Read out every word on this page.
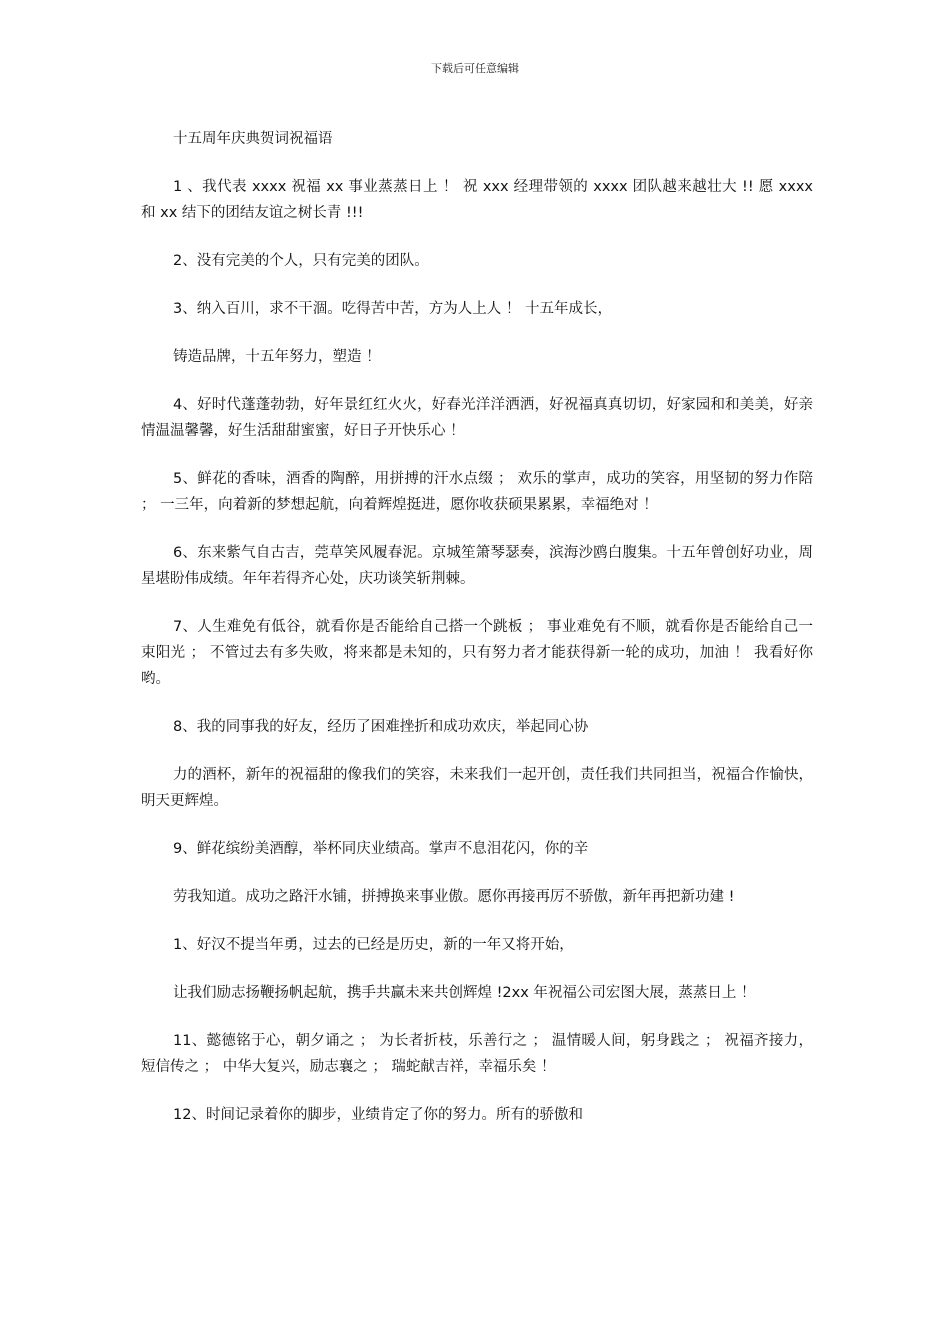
下载后可任意编辑
十五周年庆典贺词祝福语

1 、我代表 xxxx 祝福 xx 事业蒸蒸日上 ！ 祝 xxx 经理带领的 xxxx 团队越来越壮大 !! 愿 xxxx 和 xx 结下的团结友谊之树长青 !!!

2、没有完美的个人，只有完美的团队。

3、纳入百川，求不干涸。吃得苦中苦，方为人上人 ！ 十五年成长，

铸造品牌，十五年努力，塑造 ！

4、好时代蓬蓬勃勃，好年景红红火火，好春光洋洋洒洒，好祝福真真切切，好家园和和美美，好亲情温温馨馨，好生活甜甜蜜蜜，好日子开快乐心 ！

5、鲜花的香味，酒香的陶醉，用拼搏的汗水点缀 ； 欢乐的掌声，成功的笑容，用坚韧的努力作陪 ； 一三年，向着新的梦想起航，向着辉煌挺进，愿你收获硕果累累，幸福绝对 ！

6、东来紫气自古吉，莞草笑风履春泥。京城笙箫琴瑟奏，滨海沙鸥白腹集。十五年曾创好功业，周星堪盼伟成绩。年年若得齐心处，庆功谈笑斩荆棘。

7、人生难免有低谷，就看你是否能给自己搭一个跳板 ； 事业难免有不顺，就看你是否能给自己一束阳光 ； 不管过去有多失败，将来都是未知的，只有努力者才能获得新一轮的成功，加油 ！ 我看好你哟。

8、我的同事我的好友，经历了困难挫折和成功欢庆，举起同心协

力的酒杯，新年的祝福甜的像我们的笑容，未来我们一起开创，责任我们共同担当，祝福合作愉快，明天更辉煌。

9、鲜花缤纷美酒醇，举杯同庆业绩高。掌声不息泪花闪，你的辛

劳我知道。成功之路汗水铺，拼搏换来事业傲。愿你再接再厉不骄傲，新年再把新功建 !

1、好汉不提当年勇，过去的已经是历史，新的一年又将开始，

让我们励志扬鞭扬帆起航，携手共赢未来共创辉煌 !2xx 年祝福公司宏图大展，蒸蒸日上 ！

11、懿德铭于心，朝夕诵之 ； 为长者折枝，乐善行之 ； 温情暖人间，躬身践之 ； 祝福齐接力，短信传之 ； 中华大复兴，励志襄之 ； 瑞蛇献吉祥，幸福乐矣 ！

12、时间记录着你的脚步，业绩肯定了你的努力。所有的骄傲和
